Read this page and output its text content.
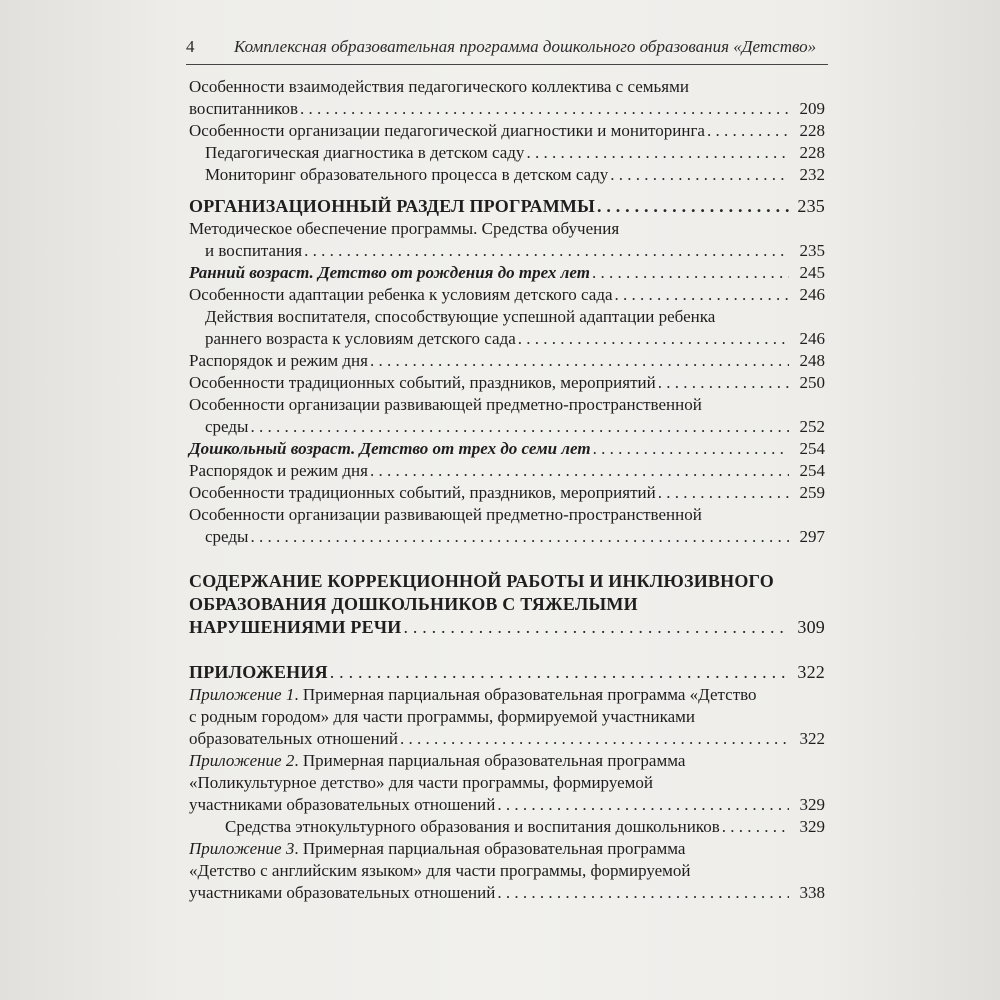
4 Комплексная образовательная программа дошкольного образования «Детство»
Особенности взаимодействия педагогического коллектива с семьями
воспитанников . . .	209
Особенности организации педагогической диагностики и мониторинга . . .	228
Педагогическая диагностика в детском саду . . .	228
Мониторинг образовательного процесса в детском саду . . .	232
ОРГАНИЗАЦИОННЫЙ РАЗДЕЛ ПРОГРАММЫ . . .	235
Методическое обеспечение программы. Средства обучения
и воспитания . . .	235
Ранний возраст. Детство от рождения до трех лет . . .	245
Особенности адаптации ребенка к условиям детского сада . . .	246
Действия воспитателя, способствующие успешной адаптации ребенка
раннего возраста к условиям детского сада . . .	246
Распорядок и режим дня . . .	248
Особенности традиционных событий, праздников, мероприятий . . .	250
Особенности организации развивающей предметно-пространственной
среды . . .	252
Дошкольный возраст. Детство от трех до семи лет . . .	254
Распорядок и режим дня . . .	254
Особенности традиционных событий, праздников, мероприятий . . .	259
Особенности организации развивающей предметно-пространственной
среды . . .	297
СОДЕРЖАНИЕ КОРРЕКЦИОННОЙ РАБОТЫ И ИНКЛЮЗИВНОГО
ОБРАЗОВАНИЯ ДОШКОЛЬНИКОВ С ТЯЖЕЛЫМИ
НАРУШЕНИЯМИ РЕЧИ . . .	309
ПРИЛОЖЕНИЯ . . .	322
Приложение 1. Примерная парциальная образовательная программа «Детство
с родным городом» для части программы, формируемой участниками
образовательных отношений . . .	322
Приложение 2. Примерная парциальная образовательная программа
«Поликультурное детство» для части программы, формируемой
участниками образовательных отношений . . .	329
Средства этнокультурного образования и воспитания дошкольников . . .	329
Приложение 3. Примерная парциальная образовательная программа
«Детство с английским языком» для части программы, формируемой
участниками образовательных отношений . . .	338
